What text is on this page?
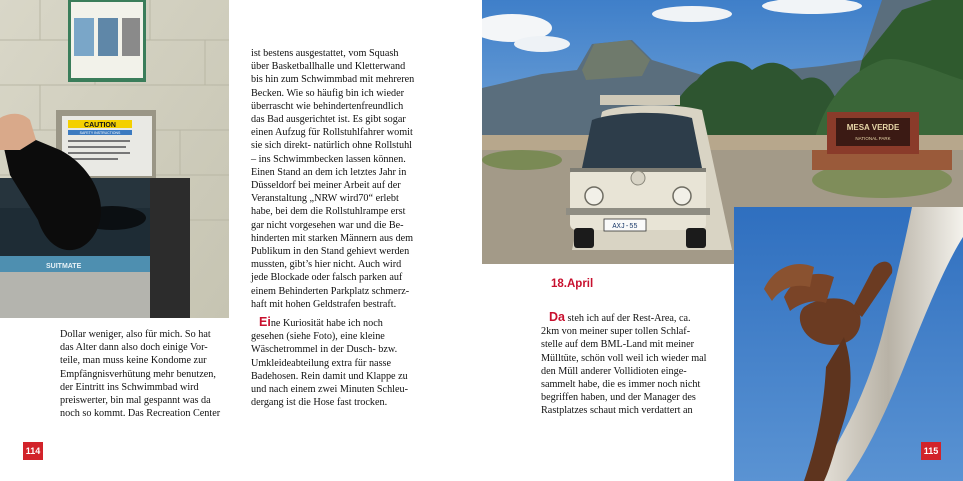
CAUTION
SAFETY INSTRUCTIONS
SUITMATE

Dollar weniger, also für mich. So hat

das Alter dann also doch einige Vor-

teile, man muss keine Kondome zur

Empfängnisverhütung mehr benutzen,

der Eintritt ins Schwimmbad wird

preiswerter, bin mal gespannt was da

noch so kommt. Das Recreation Center

ist bestens ausgestattet, vom Squash

über Basketballhalle und Kletterwand

bis hin zum Schwimmbad mit mehreren

Becken. Wie so häufig bin ich wieder

überrascht wie behindertenfreundlich

das Bad ausgerichtet ist. Es gibt sogar

einen Aufzug für Rollstuhlfahrer womit

sie sich direkt- natürlich ohne Rollstuhl

– ins Schwimmbecken lassen können.

Einen Stand an dem ich letztes Jahr in

Düsseldorf bei meiner Arbeit auf der

Veranstaltung „NRW wird70“ erlebt

habe, bei dem die Rollstuhlrampe erst

gar nicht vorgesehen war und die Be-

hinderten mit starken Männern aus dem

Publikum in den Stand gehievt werden

mussten, gibt’s hier nicht. Auch wird

jede Blockade oder falsch parken auf

einem Behinderten Parkplatz schmerz-

haft mit hohen Geldstrafen bestraft.

Eine Kuriosität habe ich noch

gesehen (siehe Foto), eine kleine

Wäschetrommel in der Dusch- bzw.

Umkleideabteilung extra für nasse

Badehosen. Rein damit und Klappe zu

und nach einem zwei Minuten Schleu-

dergang ist die Hose fast trocken.

114
MESA VERDE
NATIONAL PARK
AXJ-55
18.April

Da steh ich auf der Rest-Area, ca.

2km von meiner super tollen Schlaf-

stelle auf dem BML-Land mit meiner

Mülltüte, schön voll weil ich wieder mal

den Müll anderer Vollidioten einge-

sammelt habe, die es immer noch nicht

begriffen haben, und der Manager des

Rastplatzes schaut mich verdattert an

115
